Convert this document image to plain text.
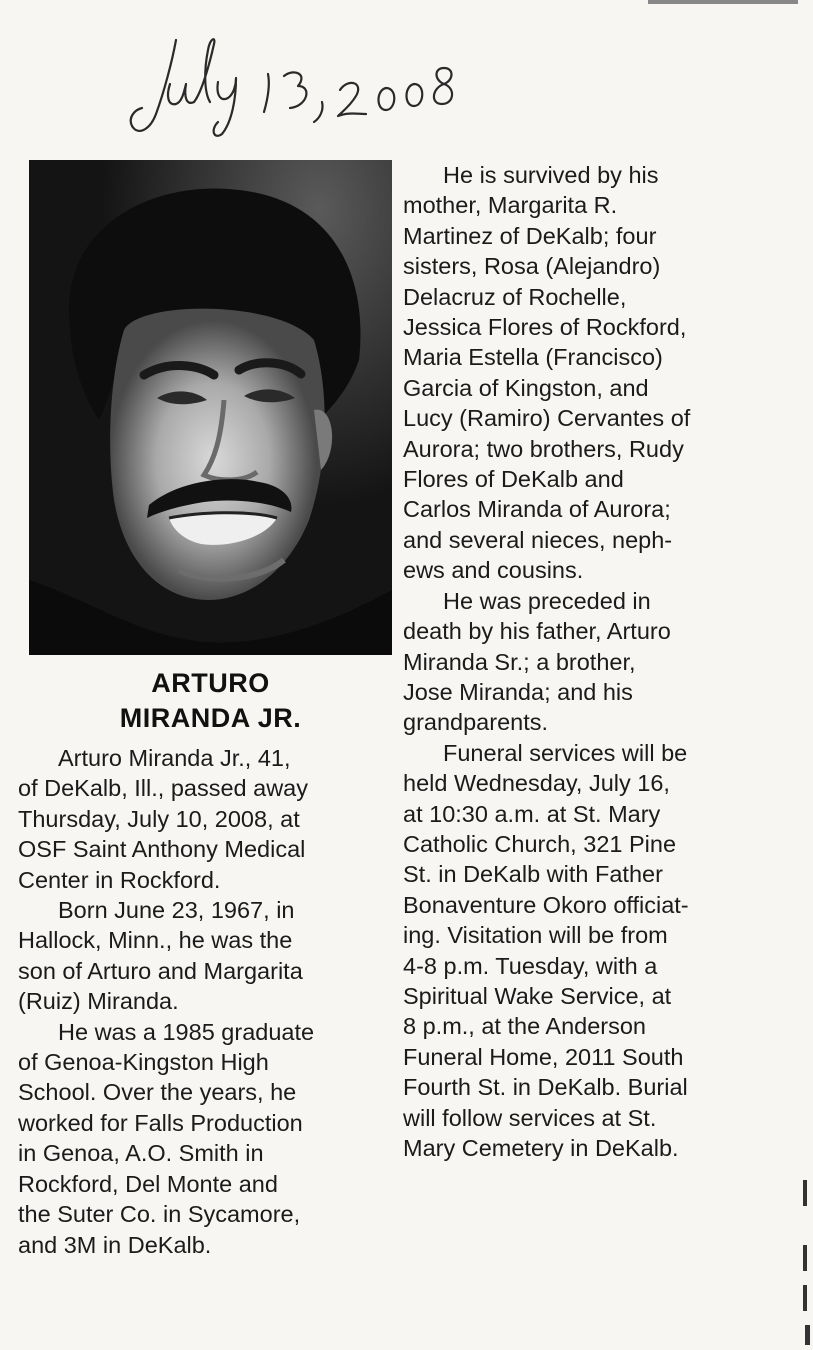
ARTURO
MIRANDA JR.

Arturo Miranda Jr., 41,
of DeKalb, Ill., passed away
Thursday, July 10, 2008, at
OSF Saint Anthony Medical
Center in Rockford.

Born June 23, 1967, in
Hallock, Minn., he was the
son of Arturo and Margarita
(Ruiz) Miranda.

He was a 1985 graduate
of Genoa-Kingston High
School. Over the years, he
worked for Falls Production
in Genoa, A.O. Smith in
Rockford, Del Monte and
the Suter Co. in Sycamore,
and 3M in DeKalb.

He is survived by his
mother, Margarita R.
Martinez of DeKalb; four
sisters, Rosa (Alejandro)
Delacruz of Rochelle,
Jessica Flores of Rockford,
Maria Estella (Francisco)
Garcia of Kingston, and
Lucy (Ramiro) Cervantes of
Aurora; two brothers, Rudy
Flores of DeKalb and
Carlos Miranda of Aurora;
and several nieces, neph-
ews and cousins.

He was preceded in
death by his father, Arturo
Miranda Sr.; a brother,
Jose Miranda; and his
grandparents.

Funeral services will be
held Wednesday, July 16,
at 10:30 a.m. at St. Mary
Catholic Church, 321 Pine
St. in DeKalb with Father
Bonaventure Okoro officiat-
ing. Visitation will be from
4-8 p.m. Tuesday, with a
Spiritual Wake Service, at
8 p.m., at the Anderson
Funeral Home, 2011 South
Fourth St. in DeKalb. Burial
will follow services at St.
Mary Cemetery in DeKalb.
